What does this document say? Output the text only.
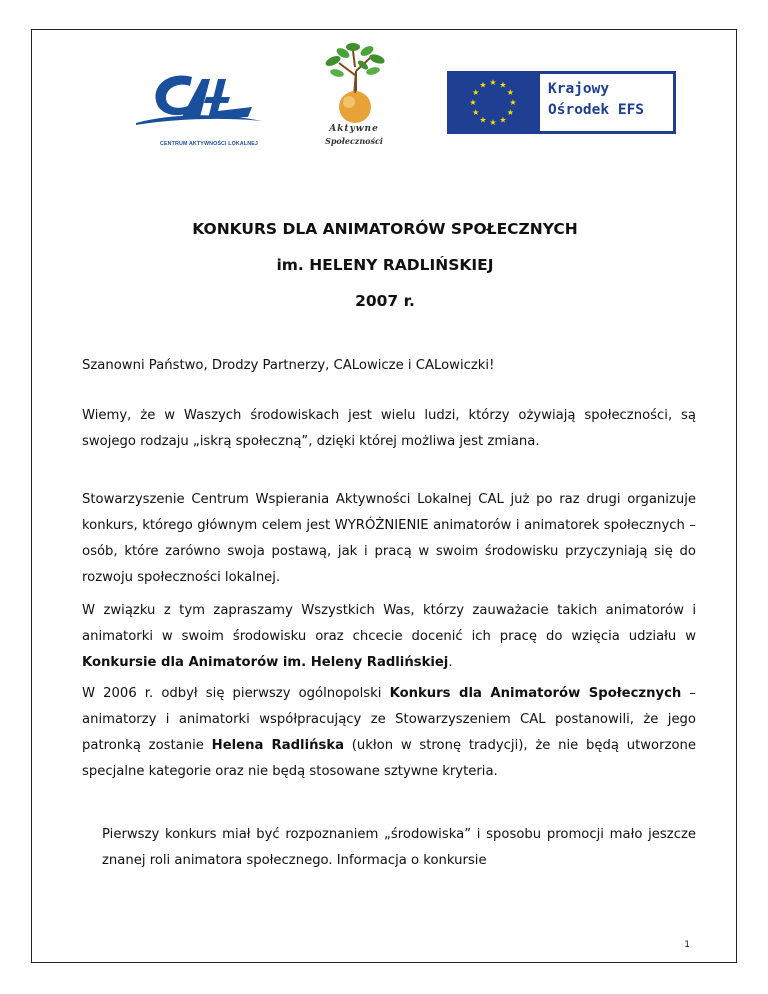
CENTRUM AKTYWNOŚCI LOKALNEJ
Aktywne
Społeczności
★ ★
★
★
★
★
★
★
★
★
★
★	Krajowy
Ośrodek EFS
KONKURS DLA ANIMATORÓW SPOŁECZNYCH
im. HELENY RADLIŃSKIEJ
2007 r.

Szanowni Państwo, Drodzy Partnerzy, CALowicze i CALowiczki!

Wiemy, że w Waszych środowiskach jest wielu ludzi, którzy ożywiają społeczności, są swojego rodzaju „iskrą społeczną”, dzięki której możliwa jest zmiana.

Stowarzyszenie Centrum Wspierania Aktywności Lokalnej CAL już po raz drugi organizuje konkurs, którego głównym celem jest WYRÓŻNIENIE animatorów i animatorek społecznych – osób, które zarówno swoja postawą, jak i pracą w swoim środowisku przyczyniają się do rozwoju społeczności lokalnej.

W związku z tym zapraszamy Wszystkich Was, którzy zauważacie takich animatorów i animatorki w swoim środowisku oraz chcecie docenić ich pracę do wzięcia udziału w Konkursie dla Animatorów im. Heleny Radlińskiej.

W 2006 r. odbył się pierwszy ogólnopolski Konkurs dla Animatorów Społecznych – animatorzy i animatorki współpracujący ze Stowarzyszeniem CAL postanowili, że jego patronką zostanie Helena Radlińska (ukłon w stronę tradycji), że nie będą utworzone specjalne kategorie oraz nie będą stosowane sztywne kryteria.

Pierwszy konkurs miał być rozpoznaniem „środowiska” i sposobu promocji mało jeszcze znanej roli animatora społecznego. Informacja o konkursie

1
